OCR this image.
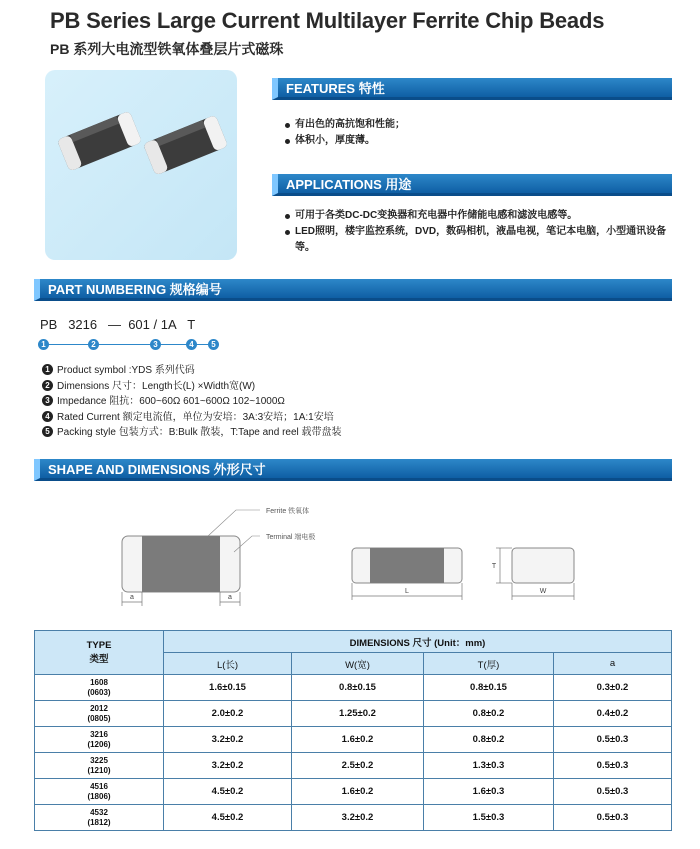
PB Series Large Current Multilayer Ferrite Chip Beads
PB 系列大电流型铁氧体叠层片式磁珠
FEATURES 特性
有出色的高抗饱和性能；
体积小，厚度薄。
APPLICATIONS 用途
可用于各类DC-DC变换器和充电器中作储能电感和滤波电感等。
LED照明，楼宇监控系统，DVD，数码相机，液晶电视，笔记本电脑，小型通讯设备等。
PART NUMBERING 规格编号
PB 3216 — 601 / 1A T
1	2	3	4	5
1 Product symbol :YDS 系列代码
2 Dimensions 尺寸：Length长(L) ×Width宽(W)
3 Impedance 阻抗：600~60Ω 601~600Ω 102~1000Ω
4 Rated Current 额定电流值，单位为安培：3A:3安培；1A:1安培
5 Packing style 包装方式：B:Bulk 散装，T:Tape and reel 载带盘装
SHAPE AND DIMENSIONS 外形尺寸
a	a
Ferrite 铁氧体
Terminal 端电极
L
T
W
TYPE
类型	DIMENSIONS 尺寸 (Unit：mm)			
	L(长)	W(宽)	T(厚)	a

1608
(0603)	1.6±0.15	0.8±0.15	0.8±0.15	0.3±0.2

2012
(0805)	2.0±0.2	1.25±0.2	0.8±0.2	0.4±0.2

3216
(1206)	3.2±0.2	1.6±0.2	0.8±0.2	0.5±0.3

3225
(1210)	3.2±0.2	2.5±0.2	1.3±0.3	0.5±0.3

4516
(1806)	4.5±0.2	1.6±0.2	1.6±0.3	0.5±0.3

4532
(1812)	4.5±0.2	3.2±0.2	1.5±0.3	0.5±0.3
